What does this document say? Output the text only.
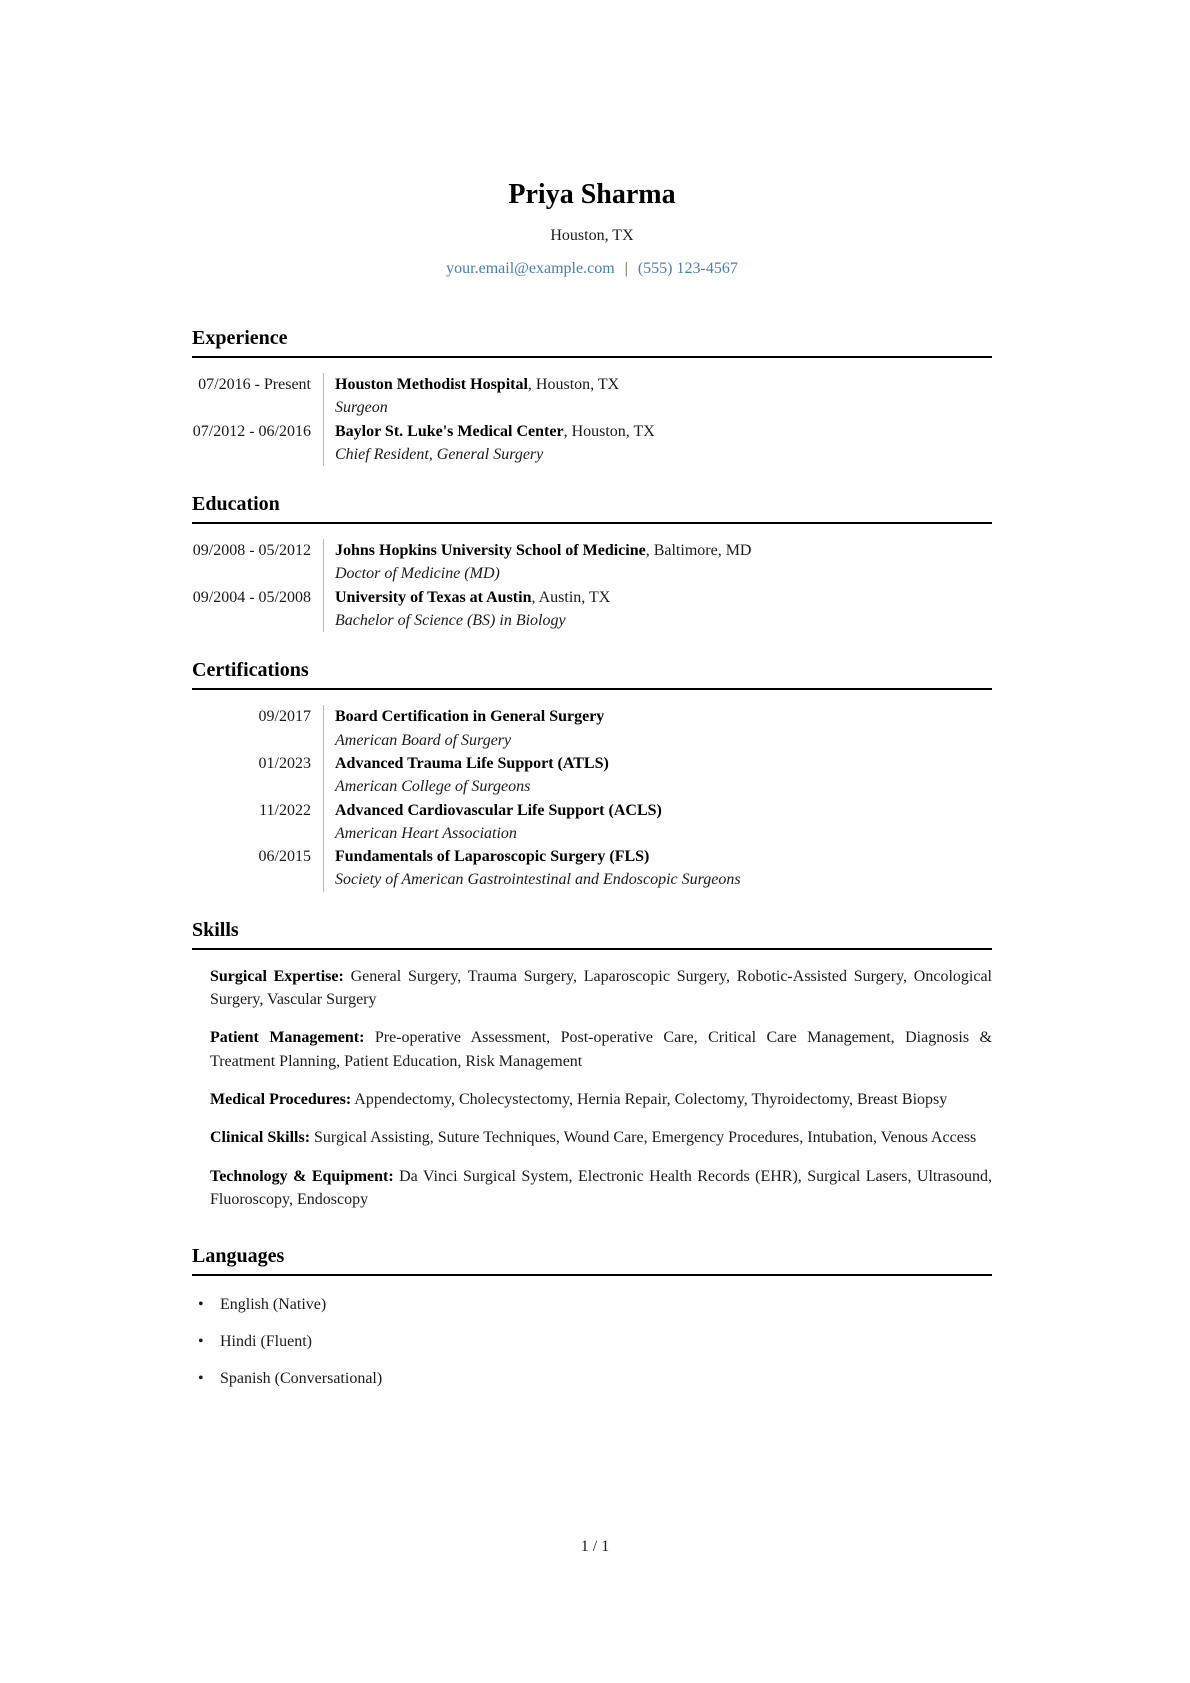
Priya Sharma
Houston, TX
your.email@example.com | (555) 123-4567
Experience
07/2016 - Present	Houston Methodist Hospital, Houston, TX
Surgeon
07/2012 - 06/2016	Baylor St. Luke's Medical Center, Houston, TX
Chief Resident, General Surgery
Education
09/2008 - 05/2012	Johns Hopkins University School of Medicine, Baltimore, MD
Doctor of Medicine (MD)
09/2004 - 05/2008	University of Texas at Austin, Austin, TX
Bachelor of Science (BS) in Biology
Certifications
09/2017	Board Certification in General Surgery
American Board of Surgery
01/2023	Advanced Trauma Life Support (ATLS)
American College of Surgeons
11/2022	Advanced Cardiovascular Life Support (ACLS)
American Heart Association
06/2015	Fundamentals of Laparoscopic Surgery (FLS)
Society of American Gastrointestinal and Endoscopic Surgeons
Skills

Surgical Expertise: General Surgery, Trauma Surgery, Laparoscopic Surgery, Robotic-Assisted Surgery, Oncological Surgery, Vascular Surgery

Patient Management: Pre-operative Assessment, Post-operative Care, Critical Care Management, Diagnosis & Treatment Planning, Patient Education, Risk Management

Medical Procedures: Appendectomy, Cholecystectomy, Hernia Repair, Colectomy, Thyroidectomy, Breast Biopsy

Clinical Skills: Surgical Assisting, Suture Techniques, Wound Care, Emergency Procedures, Intubation, Venous Access

Technology & Equipment: Da Vinci Surgical System, Electronic Health Records (EHR), Surgical Lasers, Ultrasound, Fluoroscopy, Endoscopy

Languages
• English (Native)
• Hindi (Fluent)
• Spanish (Conversational)
1 / 1
